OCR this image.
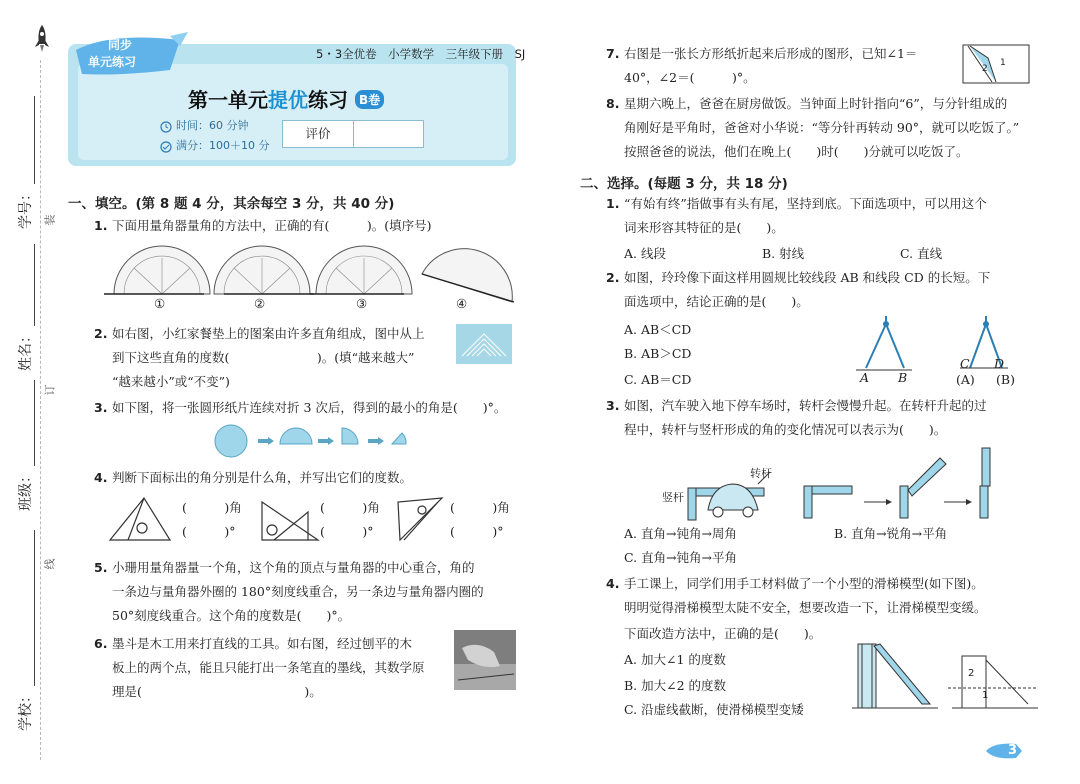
学号：
姓名：
班级：
学校：
装
订
线
同步
单元练习
5・3全优卷　小学数学　三年级下册　SJ
第一单元提优练习 B卷
时间：60 分钟
满分：100＋10 分
评价
一、填空。(第 8 题 4 分，其余每空 3 分，共 40 分)
1. 下面用量角器量角的方法中，正确的有(　　　)。(填序号)
①	②	③	④
2. 如右图，小红家餐垫上的图案由许多直角组成，图中从上
到下这些直角的度数(　　　　　　　)。(填“越来越大”
“越来越小”或“不变”)
3. 如下图，将一张圆形纸片连续对折 3 次后，得到的最小的角是(　　)°。
4. 判断下面标出的角分别是什么角，并写出它们的度数。
(　　　)角
(　　　)°
(　　　)角
(　　　)°
(　　　)角
(　　　)°
5. 小珊用量角器量一个角，这个角的顶点与量角器的中心重合，角的
一条边与量角器外圈的 180°刻度线重合，另一条边与量角器内圈的
50°刻度线重合。这个角的度数是(　　)°。
6. 墨斗是木工用来打直线的工具。如右图，经过刨平的木
板上的两个点，能且只能打出一条笔直的墨线，其数学原
理是(　　　　　　　　　　　　　)。
7. 右图是一张长方形纸折起来后形成的图形，已知∠1＝
40°，∠2＝(　　　)°。
1
2
8. 星期六晚上，爸爸在厨房做饭。当钟面上时针指向“6”，与分针组成的
角刚好是平角时，爸爸对小华说：“等分针再转动 90°，就可以吃饭了。”
按照爸爸的说法，他们在晚上(　　)时(　　)分就可以吃饭了。
二、选择。(每题 3 分，共 18 分)
1. “有始有终”指做事有头有尾，坚持到底。下面选项中，可以用这个
词来形容其特征的是(　　)。
A. 线段	B. 射线	C. 直线
2. 如图，玲玲像下面这样用圆规比较线段 AB 和线段 CD 的长短。下
面选项中，结论正确的是(　　)。
A. AB＜CD
B. AB＞CD
C. AB＝CD	A B
C D
(A) (B)
3. 如图，汽车驶入地下停车场时，转杆会慢慢升起。在转杆升起的过
程中，转杆与竖杆形成的角的变化情况可以表示为(　　)。
竖杆
转杆
A. 直角→钝角→周角	B. 直角→锐角→平角
C. 直角→钝角→平角
4. 手工课上，同学们用手工材料做了一个小型的滑梯模型(如下图)。
明明觉得滑梯模型太陡不安全，想要改造一下，让滑梯模型变缓。
下面改造方法中，正确的是(　　)。
A. 加大∠1 的度数
B. 加大∠2 的度数
C. 沿虚线截断，使滑梯模型变矮
2
1
3
